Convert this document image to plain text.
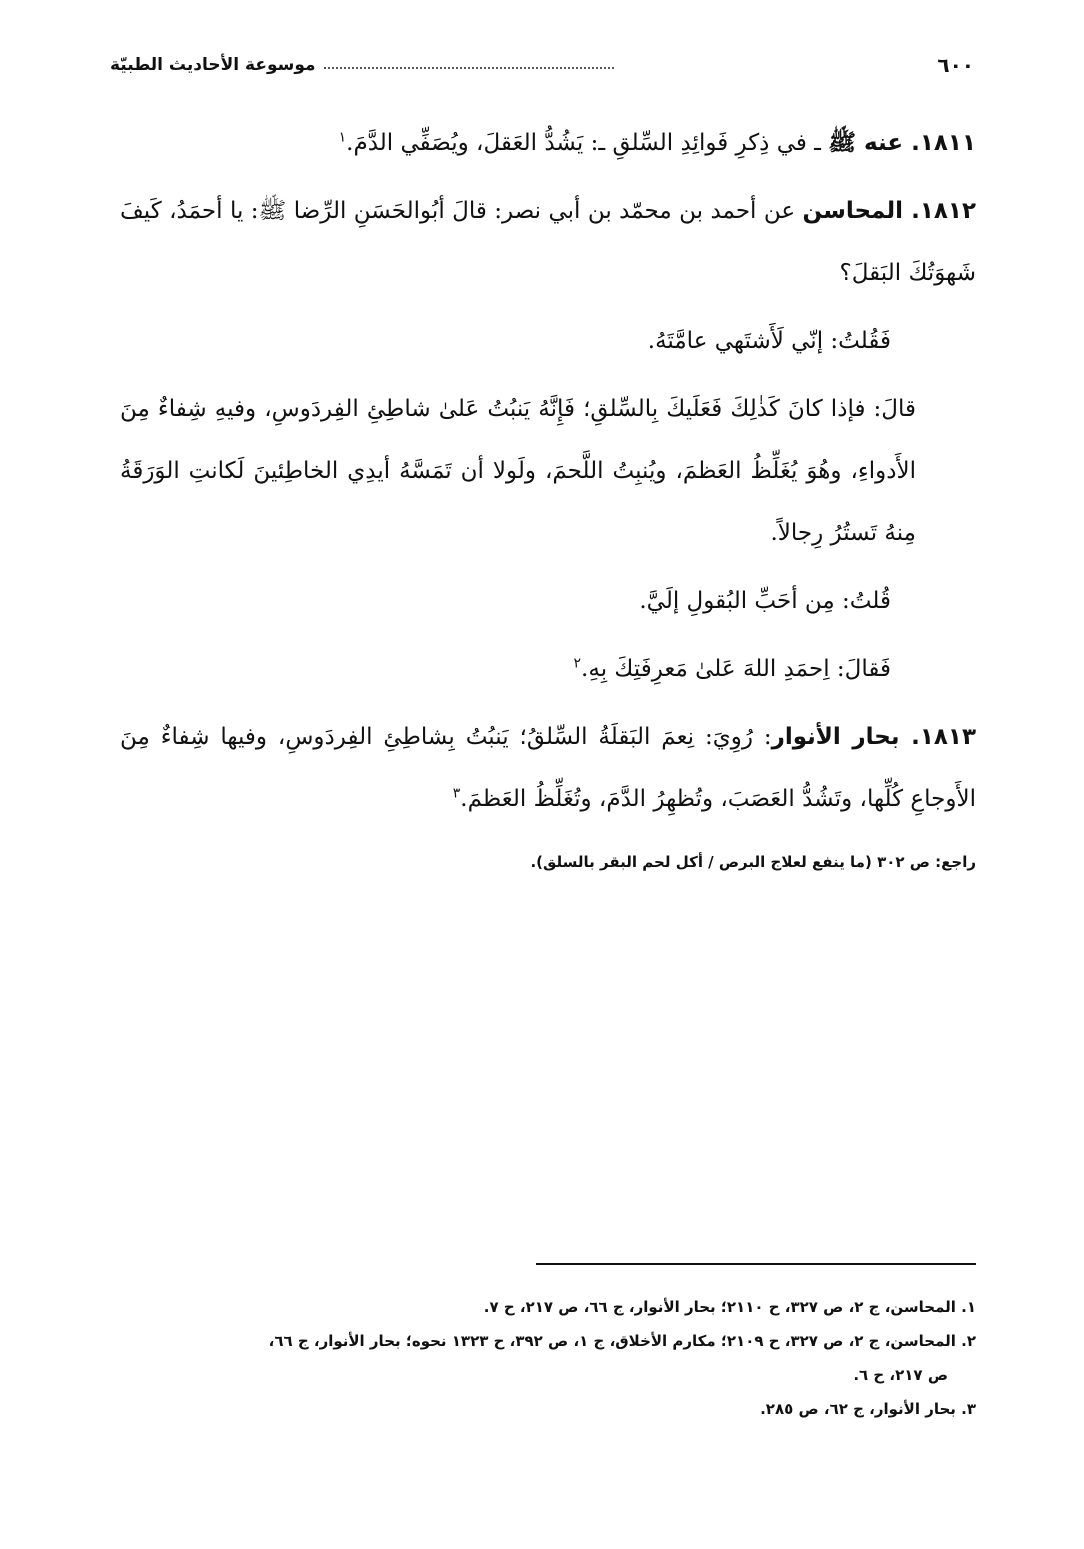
٦٠٠
موسوعة الأحاديث الطبيّة

١٨١١. عنه ﷺ ـ في ذِكرِ فَوائِدِ السِّلقِ ـ: يَشُدُّ العَقلَ، ويُصَفِّي الدَّمَ.$^١$

١٨١٢. المحاسن عن أحمد بن محمّد بن أبي نصر: قالَ أبُوالحَسَنِ الرِّضا ﷺ: يا أحمَدُ، كَيفَ شَهوَتُكَ البَقلَ؟

فَقُلتُ: إنّي لَأَشتَهي عامَّتَهُ.

قالَ: فإذا كانَ كَذٰلِكَ فَعَلَيكَ بِالسِّلقِ؛ فَإِنَّهُ يَنبُتُ عَلىٰ شاطِئِ الفِردَوسِ، وفيهِ شِفاءٌ مِنَ الأَدواءِ، وهُوَ يُغَلِّظُ العَظمَ، ويُنبِتُ اللَّحمَ، ولَولا أن تَمَسَّهُ أيدِي الخاطِئينَ لَكانتِ الوَرَقَةُ مِنهُ تَستُرُ رِجالاً.

قُلتُ: مِن أحَبِّ البُقولِ إلَيَّ.

فَقالَ: اِحمَدِ اللهَ عَلىٰ مَعرِفَتِكَ بِهِ.$^٢$

١٨١٣. بحار الأنوار: رُوِيَ: نِعمَ البَقلَةُ السِّلقُ؛ يَنبُتُ بِشاطِئِ الفِردَوسِ، وفيها شِفاءٌ مِنَ الأَوجاعِ كُلِّها، وتَشُدُّ العَصَبَ، وتُظهِرُ الدَّمَ، وتُغَلِّظُ العَظمَ.$^٣$

راجع: ص ٣٠٢ (ما ينفع لعلاج البرص / أكل لحم البقر بالسلق).

١. المحاسن، ج ٢، ص ٣٢٧، ح ٢١١٠؛ بحار الأنوار، ج ٦٦، ص ٢١٧، ح ٧.

٢. المحاسن، ج ٢، ص ٣٢٧، ح ٢١٠٩؛ مكارم الأخلاق، ج ١، ص ٣٩٢، ح ١٣٢٣ نحوه؛ بحار الأنوار، ج ٦٦،

ص ٢١٧، ح ٦.

٣. بحار الأنوار، ج ٦٢، ص ٢٨٥.
